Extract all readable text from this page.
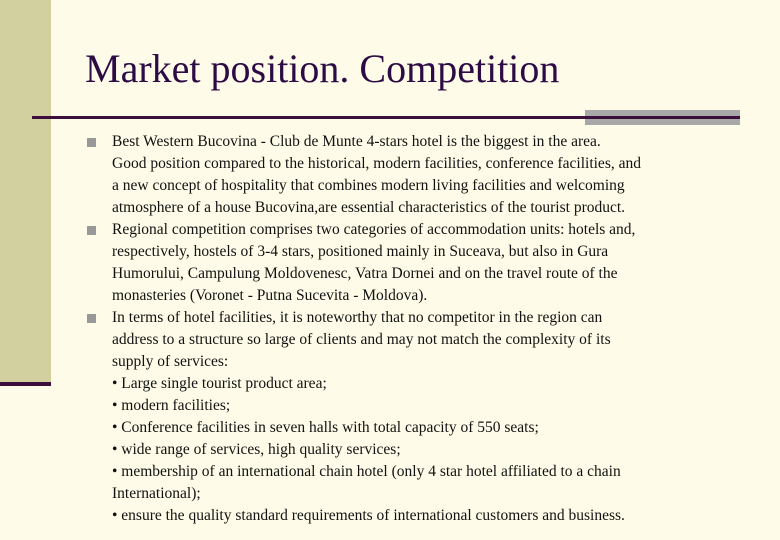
Market position. Competition
Best Western Bucovina - Club de Munte 4-stars hotel is the biggest in the area.
Good position compared to the historical, modern facilities, conference facilities, and
a new concept of hospitality that combines modern living facilities and welcoming
atmosphere of a house Bucovina,are essential characteristics of the tourist product.
Regional competition comprises two categories of accommodation units: hotels and,
respectively, hostels of 3-4 stars, positioned mainly in Suceava, but also in Gura
Humorului, Campulung Moldovenesc, Vatra Dornei and on the travel route of the
monasteries (Voronet - Putna Sucevita - Moldova).
In terms of hotel facilities, it is noteworthy that no competitor in the region can
address to a structure so large of clients and may not match the complexity of its
supply of services:
• Large single tourist product area;
• modern facilities;
• Conference facilities in seven halls with total capacity of 550 seats;
• wide range of services, high quality services;
• membership of an international chain hotel (only 4 star hotel affiliated to a chain
International);
• ensure the quality standard requirements of international customers and business.
